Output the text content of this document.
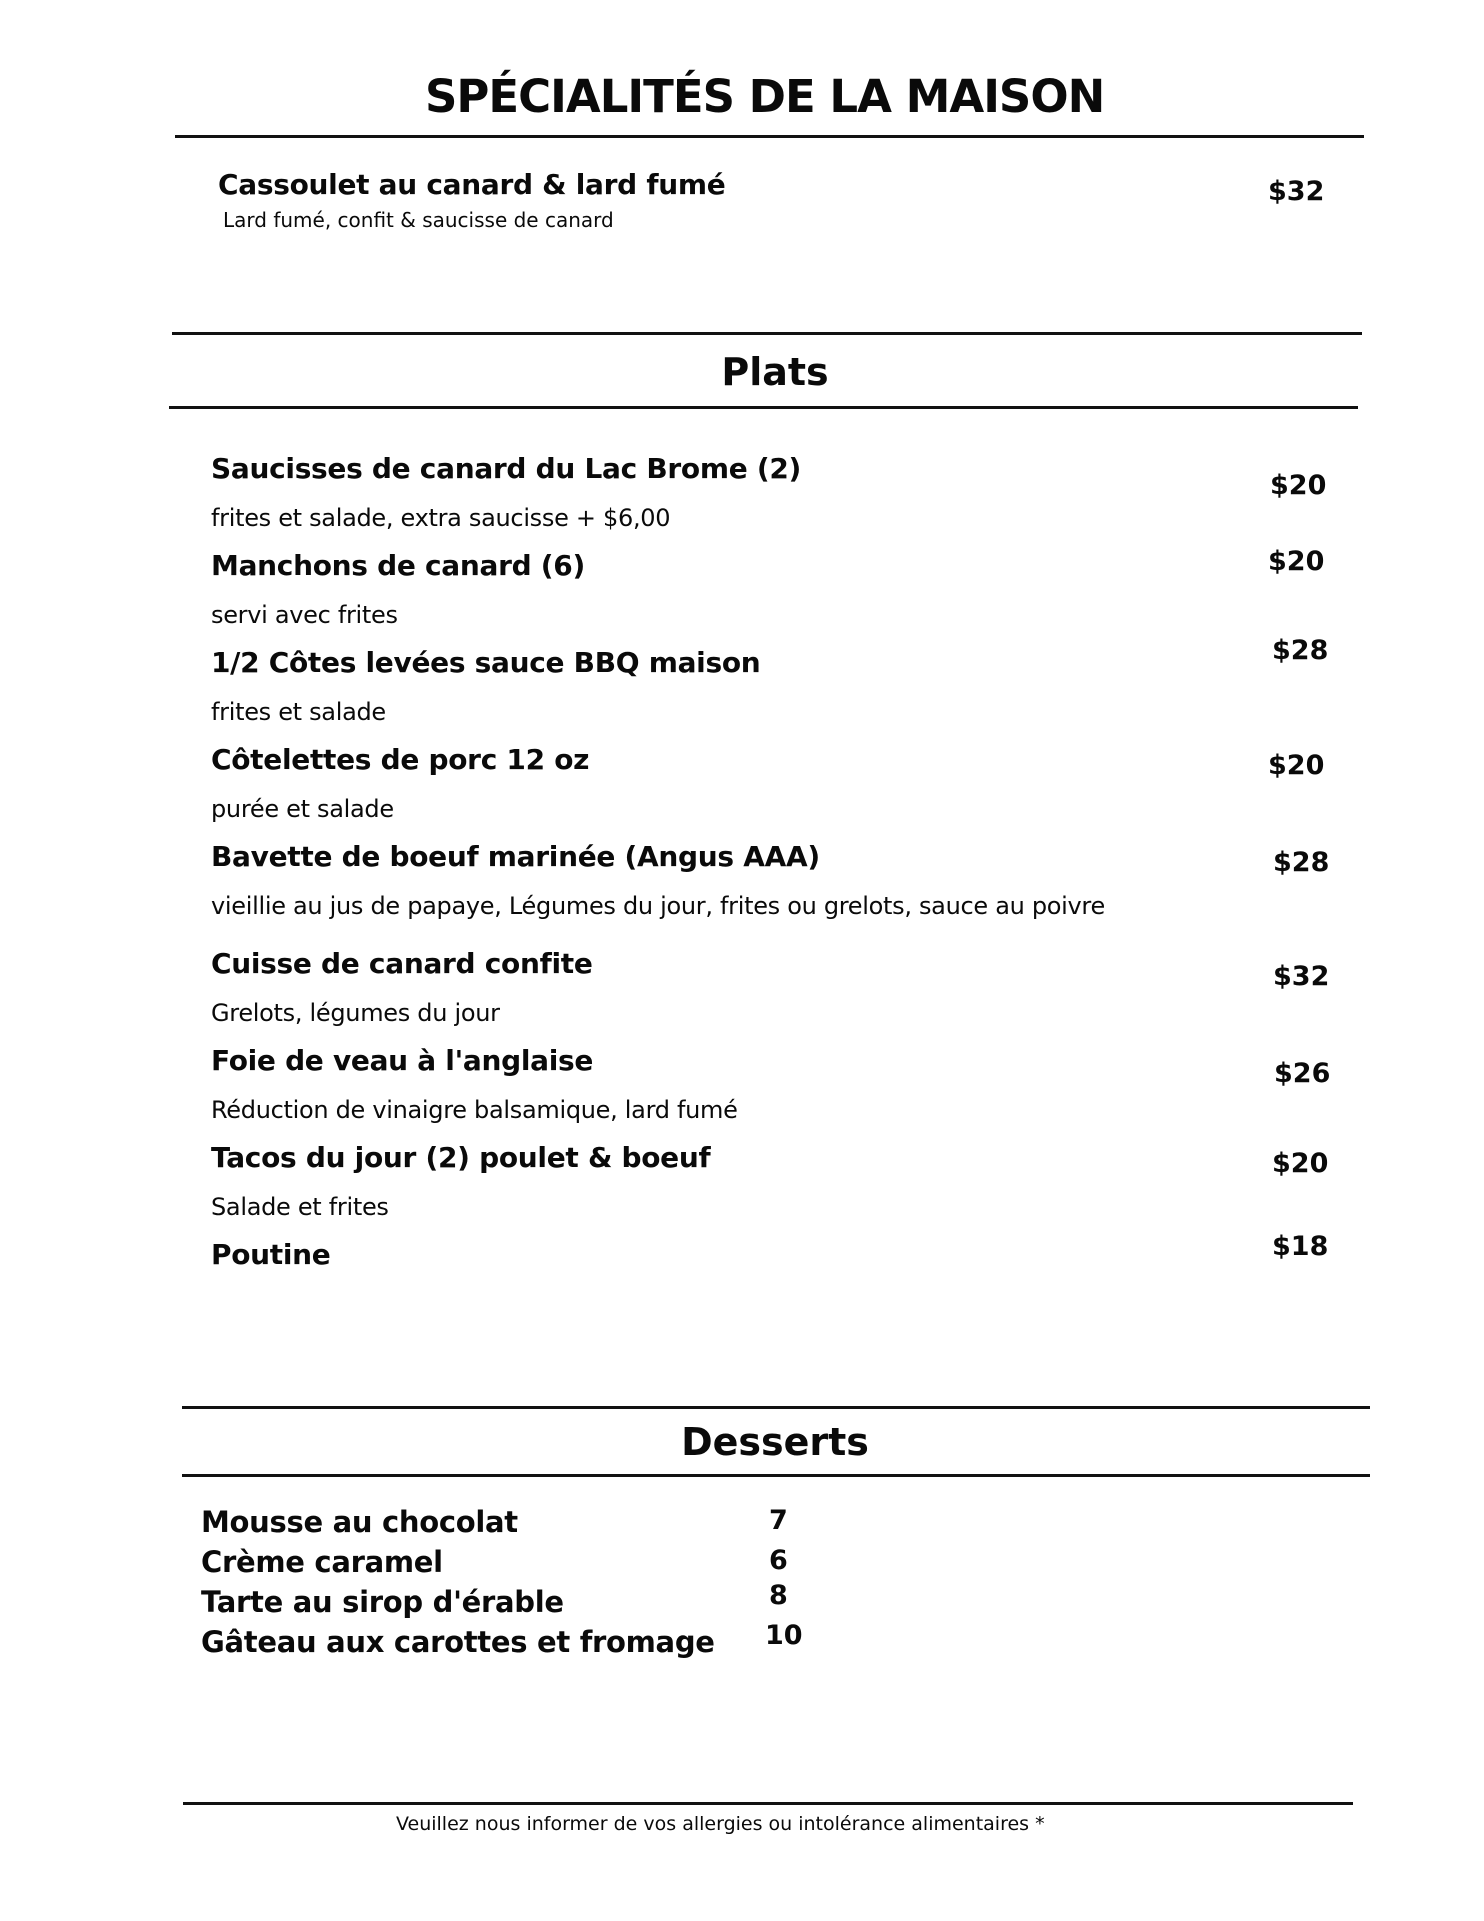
SPÉCIALITÉS DE LA MAISON
Cassoulet au canard & lard fumé
Lard fumé, confit & saucisse de canard
$32
Plats
Saucisses de canard du Lac Brome (2)
frites et salade, extra saucisse + $6,00
$20
Manchons de canard (6)
servi avec frites
$20
1/2 Côtes levées sauce BBQ maison
frites et salade
$28
Côtelettes de porc 12 oz
purée et salade
$20
Bavette de boeuf marinée (Angus AAA)
vieillie au jus de papaye, Légumes du jour, frites ou grelots, sauce au poivre
$28
Cuisse de canard confite
Grelots, légumes du jour
$32
Foie de veau à l'anglaise
Réduction de vinaigre balsamique, lard fumé
$26
Tacos du jour (2) poulet & boeuf
Salade et frites
$20
Poutine	$18
Desserts
Mousse au chocolat	7
Crème caramel	6
Tarte au sirop d'érable	8
Gâteau aux carottes et fromage 10
Veuillez nous informer de vos allergies ou intolérance alimentaires *
